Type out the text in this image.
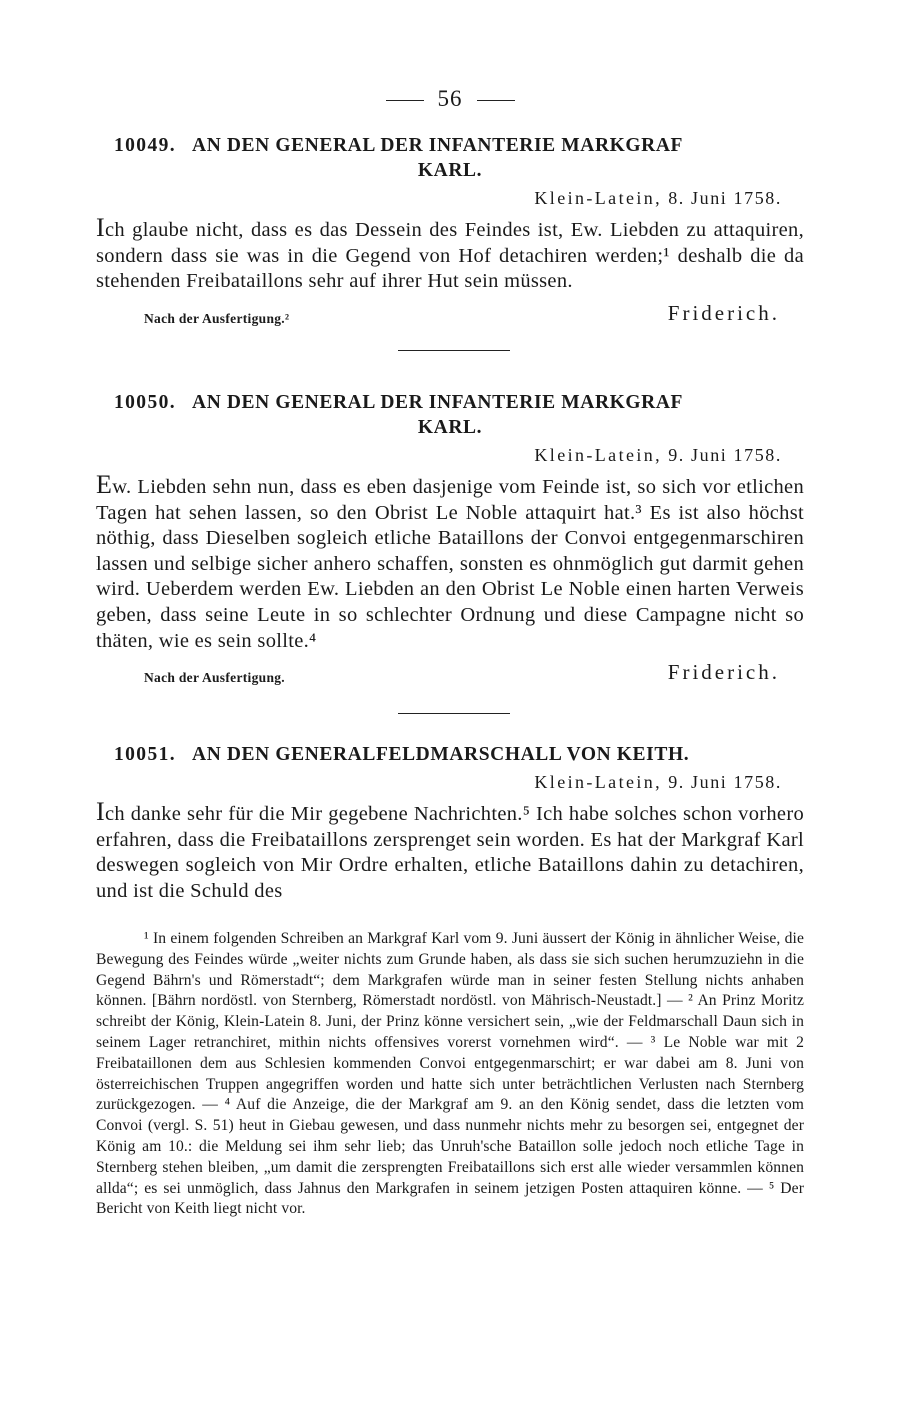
56
10049. AN DEN GENERAL DER INFANTERIE MARKGRAF
KARL.
Klein-Latein, 8. Juni 1758.

Ich glaube nicht, dass es das Dessein des Feindes ist, Ew. Liebden zu attaquiren, sondern dass sie was in die Gegend von Hof detachiren werden;¹ deshalb die da stehenden Freibataillons sehr auf ihrer Hut sein müssen.

Nach der Ausfertigung.²	Friderich.
10050. AN DEN GENERAL DER INFANTERIE MARKGRAF
KARL.
Klein-Latein, 9. Juni 1758.

Ew. Liebden sehn nun, dass es eben dasjenige vom Feinde ist, so sich vor etlichen Tagen hat sehen lassen, so den Obrist Le Noble attaquirt hat.³ Es ist also höchst nöthig, dass Dieselben sogleich etliche Bataillons der Convoi entgegenmarschiren lassen und selbige sicher anhero schaffen, sonsten es ohnmöglich gut darmit gehen wird. Ueberdem werden Ew. Liebden an den Obrist Le Noble einen harten Verweis geben, dass seine Leute in so schlechter Ordnung und diese Campagne nicht so thäten, wie es sein sollte.⁴

Nach der Ausfertigung.	Friderich.
10051. AN DEN GENERALFELDMARSCHALL VON KEITH.
Klein-Latein, 9. Juni 1758.

Ich danke sehr für die Mir gegebene Nachrichten.⁵ Ich habe solches schon vorhero erfahren, dass die Freibataillons zersprenget sein worden. Es hat der Markgraf Karl deswegen sogleich von Mir Ordre erhalten, etliche Bataillons dahin zu detachiren, und ist die Schuld des

¹ In einem folgenden Schreiben an Markgraf Karl vom 9. Juni äussert der König in ähnlicher Weise, die Bewegung des Feindes würde „weiter nichts zum Grunde haben, als dass sie sich suchen herumzuziehn in die Gegend Bährn's und Römerstadt“; dem Markgrafen würde man in seiner festen Stellung nichts anhaben können. [Bährn nordöstl. von Sternberg, Römerstadt nordöstl. von Mährisch-Neustadt.] — ² An Prinz Moritz schreibt der König, Klein-Latein 8. Juni, der Prinz könne versichert sein, „wie der Feldmarschall Daun sich in seinem Lager retranchiret, mithin nichts offensives vorerst vornehmen wird“. — ³ Le Noble war mit 2 Freibataillonen dem aus Schlesien kommenden Convoi entgegenmarschirt; er war dabei am 8. Juni von österreichischen Truppen angegriffen worden und hatte sich unter beträchtlichen Verlusten nach Sternberg zurückgezogen. — ⁴ Auf die Anzeige, die der Markgraf am 9. an den König sendet, dass die letzten vom Convoi (vergl. S. 51) heut in Giebau gewesen, und dass nunmehr nichts mehr zu besorgen sei, entgegnet der König am 10.: die Meldung sei ihm sehr lieb; das Unruh'sche Bataillon solle jedoch noch etliche Tage in Sternberg stehen bleiben, „um damit die zersprengten Freibataillons sich erst alle wieder versammlen können allda“; es sei unmöglich, dass Jahnus den Markgrafen in seinem jetzigen Posten attaquiren könne. — ⁵ Der Bericht von Keith liegt nicht vor.
